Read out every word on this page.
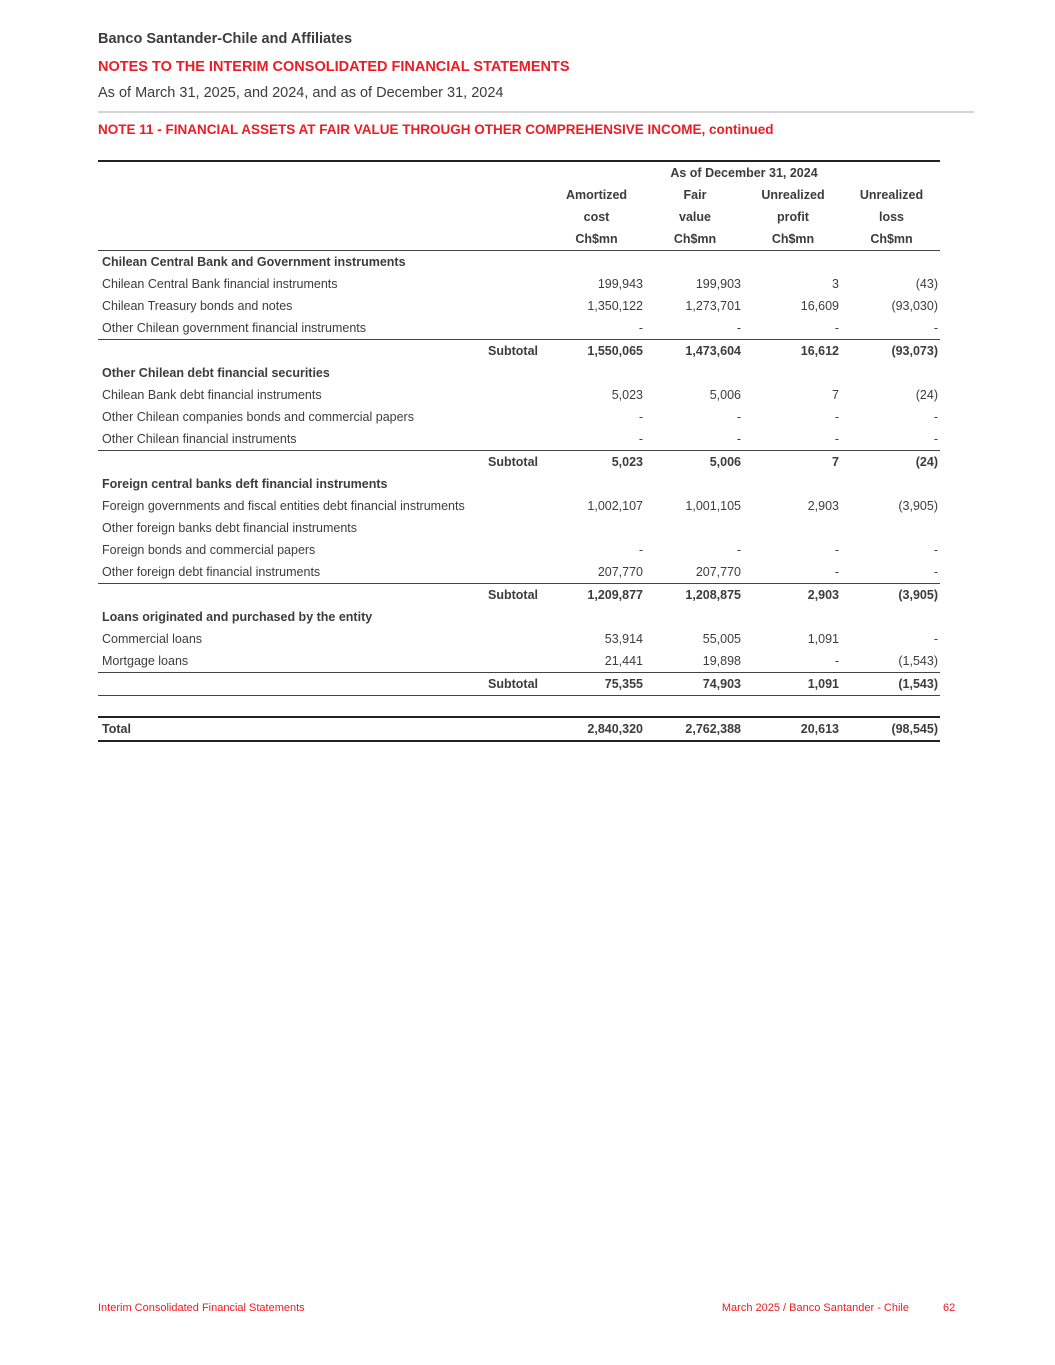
Banco Santander-Chile and Affiliates
NOTES TO THE INTERIM CONSOLIDATED FINANCIAL STATEMENTS
As of March 31, 2025, and 2024, and as of December 31, 2024
NOTE 11 - FINANCIAL ASSETS AT FAIR VALUE THROUGH OTHER COMPREHENSIVE INCOME, continued
	As of December 31, 2024			
	Amortized	Fair	Unrealized	Unrealized
	cost	value	profit	loss
	Ch$mn	Ch$mn	Ch$mn	Ch$mn
Chilean Central Bank and Government instruments				
Chilean Central Bank financial instruments	199,943	199,903	3	(43)
Chilean Treasury bonds and notes	1,350,122	1,273,701	16,609	(93,030)
Other Chilean government financial instruments	-	-	-	-
Subtotal	1,550,065	1,473,604	16,612	(93,073)
Other Chilean debt financial securities				
Chilean Bank debt financial instruments	5,023	5,006	7	(24)
Other Chilean companies bonds and commercial papers	-	-	-	-
Other Chilean financial instruments	-	-	-	-
Subtotal	5,023	5,006	7	(24)
Foreign central banks deft financial instruments				
Foreign governments and fiscal entities debt financial instruments	1,002,107	1,001,105	2,903	(3,905)
Other foreign banks debt financial instruments				
Foreign bonds and commercial papers	-	-	-	-
Other foreign debt financial instruments	207,770	207,770	-	-
Subtotal	1,209,877	1,208,875	2,903	(3,905)
Loans originated and purchased by the entity				
Commercial loans	53,914	55,005	1,091	-
Mortgage loans	21,441	19,898	-	(1,543)
Subtotal	75,355	74,903	1,091	(1,543)

Total	2,840,320	2,762,388	20,613	(98,545)
Interim Consolidated Financial Statements	March 2025 / Banco Santander - Chile	62
